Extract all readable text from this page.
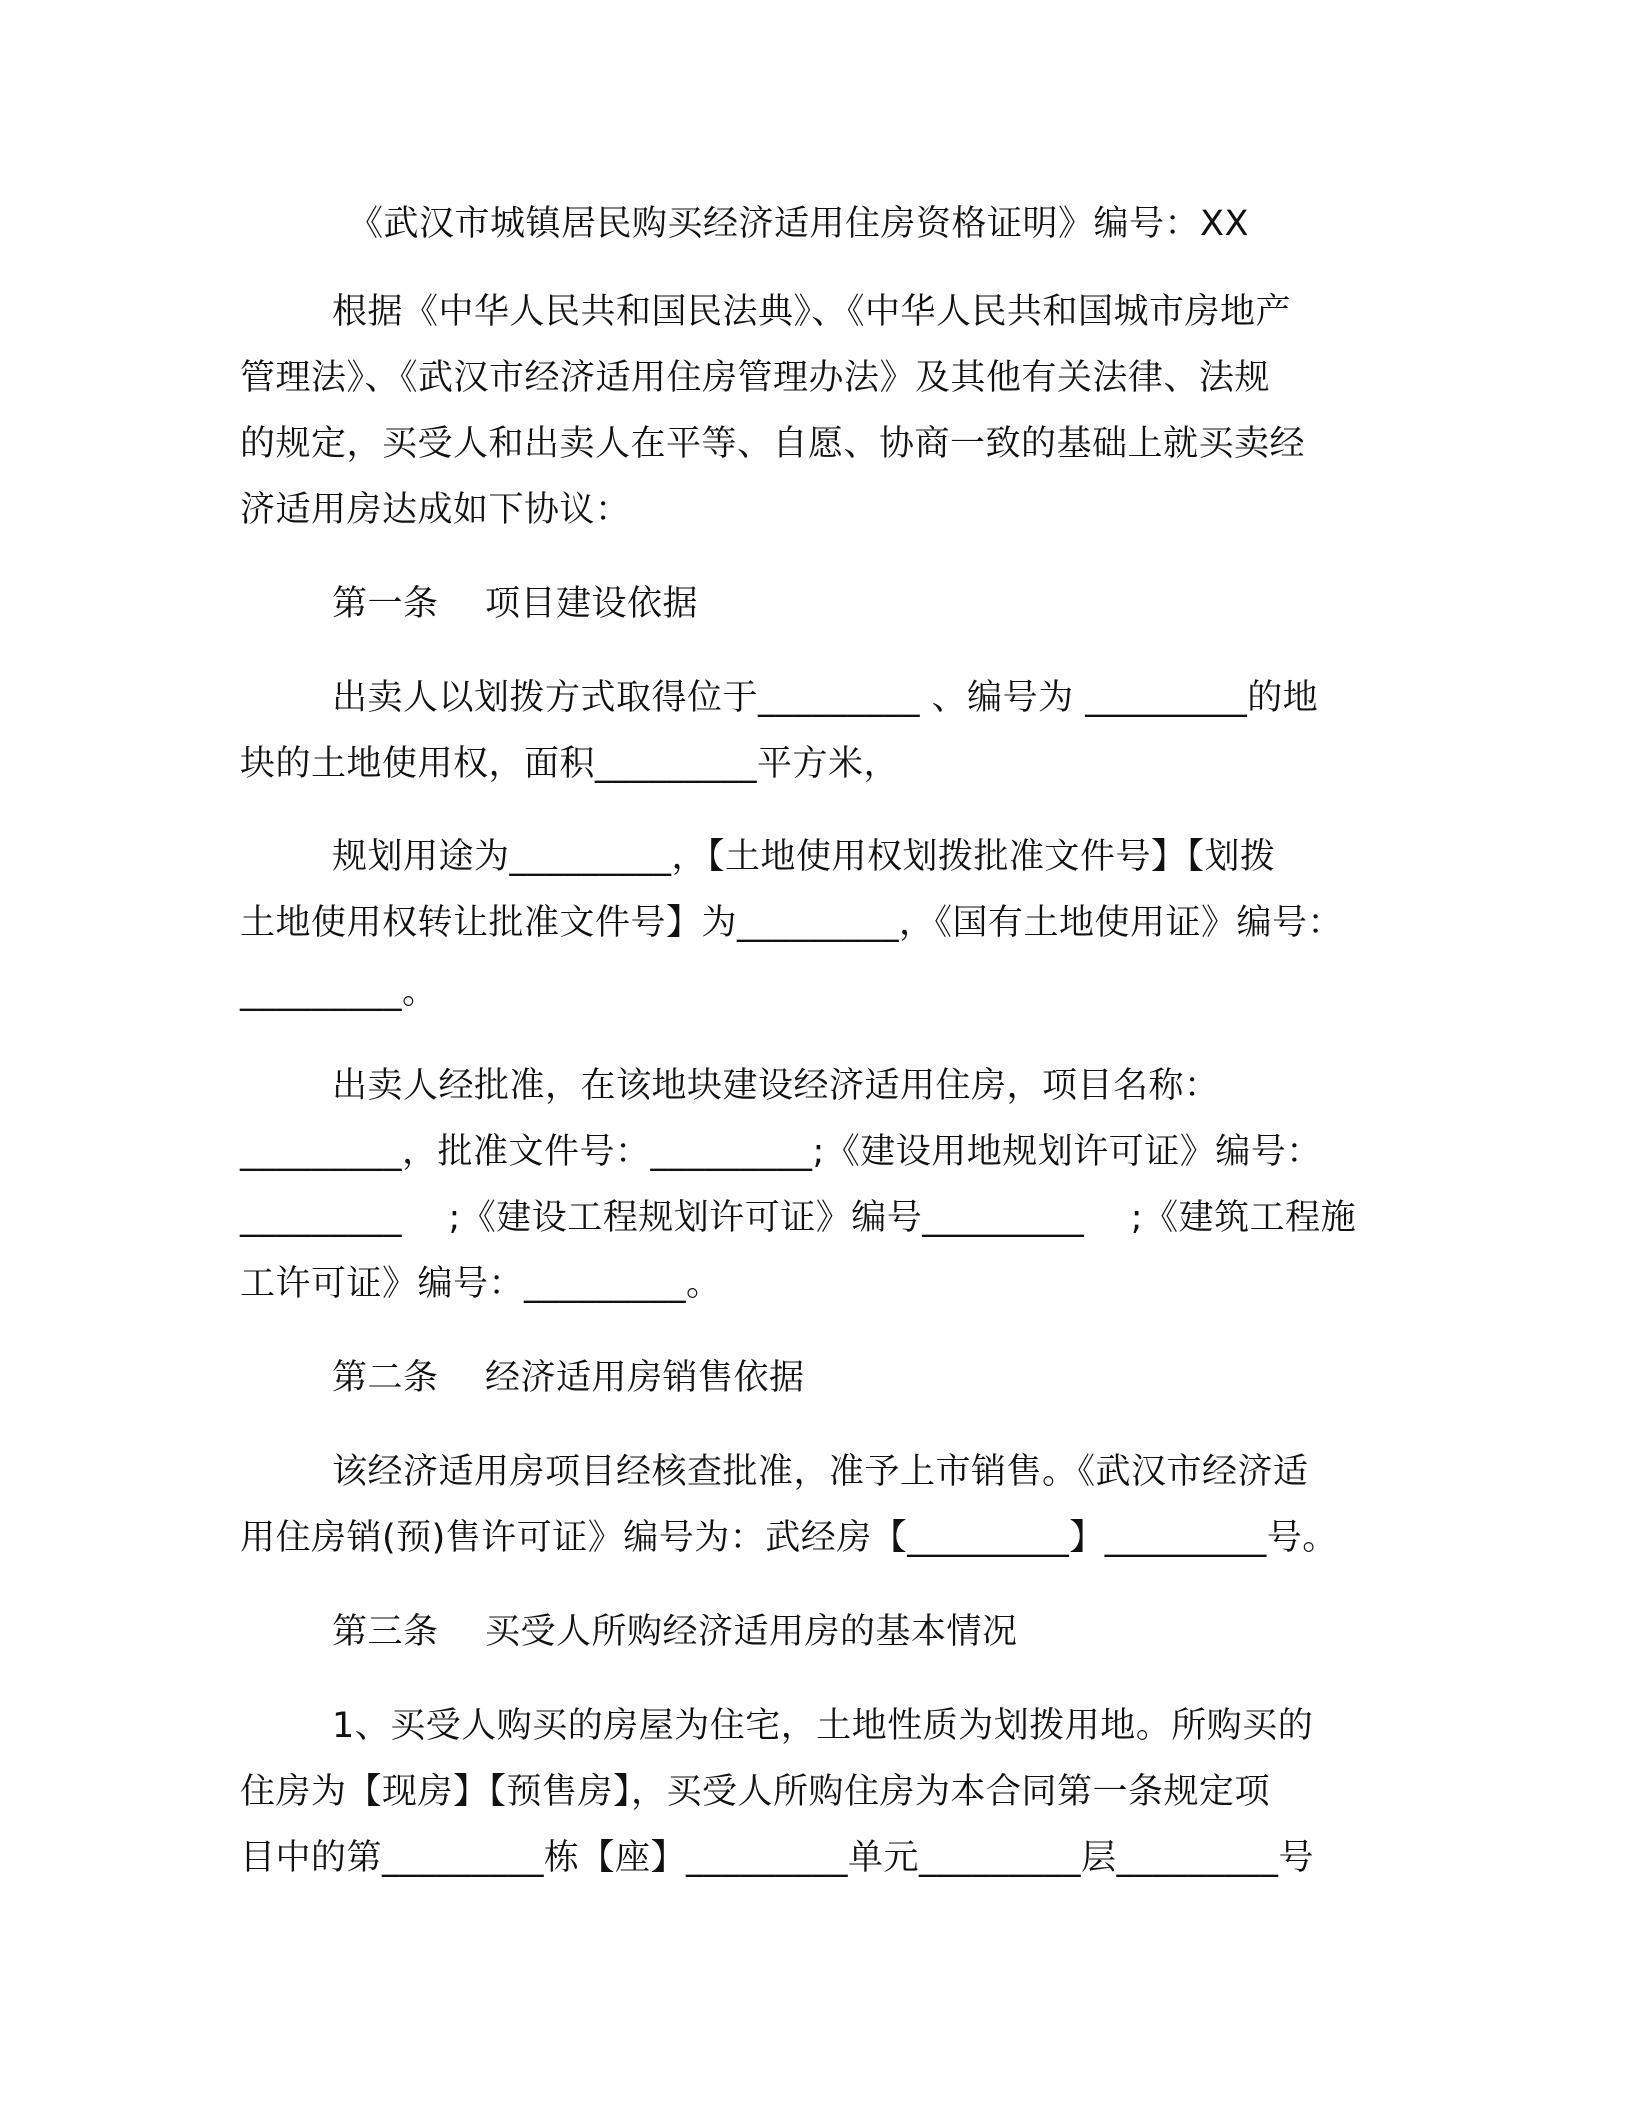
《武汉市城镇居民购买经济适用住房资格证明》编号：XX
根据《中华人民共和国民法典》、《中华人民共和国城市房地产
管理法》、《武汉市经济适用住房管理办法》及其他有关法律、法规
的规定，买受人和出卖人在平等、自愿、协商一致的基础上就买卖经
济适用房达成如下协议：
第一条    项目建设依据
出卖人以划拨方式取得位于_________ 、编号为 _________的地
块的土地使用权，面积_________平方米，
规划用途为_________，【土地使用权划拨批准文件号】【划拨
土地使用权转让批准文件号】为_________，《国有土地使用证》编号：
_________。
出卖人经批准，在该地块建设经济适用住房，项目名称：
_________，批准文件号：_________;《建设用地规划许可证》编号：
_________    ;《建设工程规划许可证》编号_________    ;《建筑工程施
工许可证》编号：_________。
第二条    经济适用房销售依据
该经济适用房项目经核查批准，准予上市销售。《武汉市经济适
用住房销(预)售许可证》编号为：武经房【_________】_________号。
第三条    买受人所购经济适用房的基本情况
1、买受人购买的房屋为住宅，土地性质为划拨用地。所购买的
住房为【现房】【预售房】，买受人所购住房为本合同第一条规定项
目中的第_________栋【座】_________单元_________层_________号
